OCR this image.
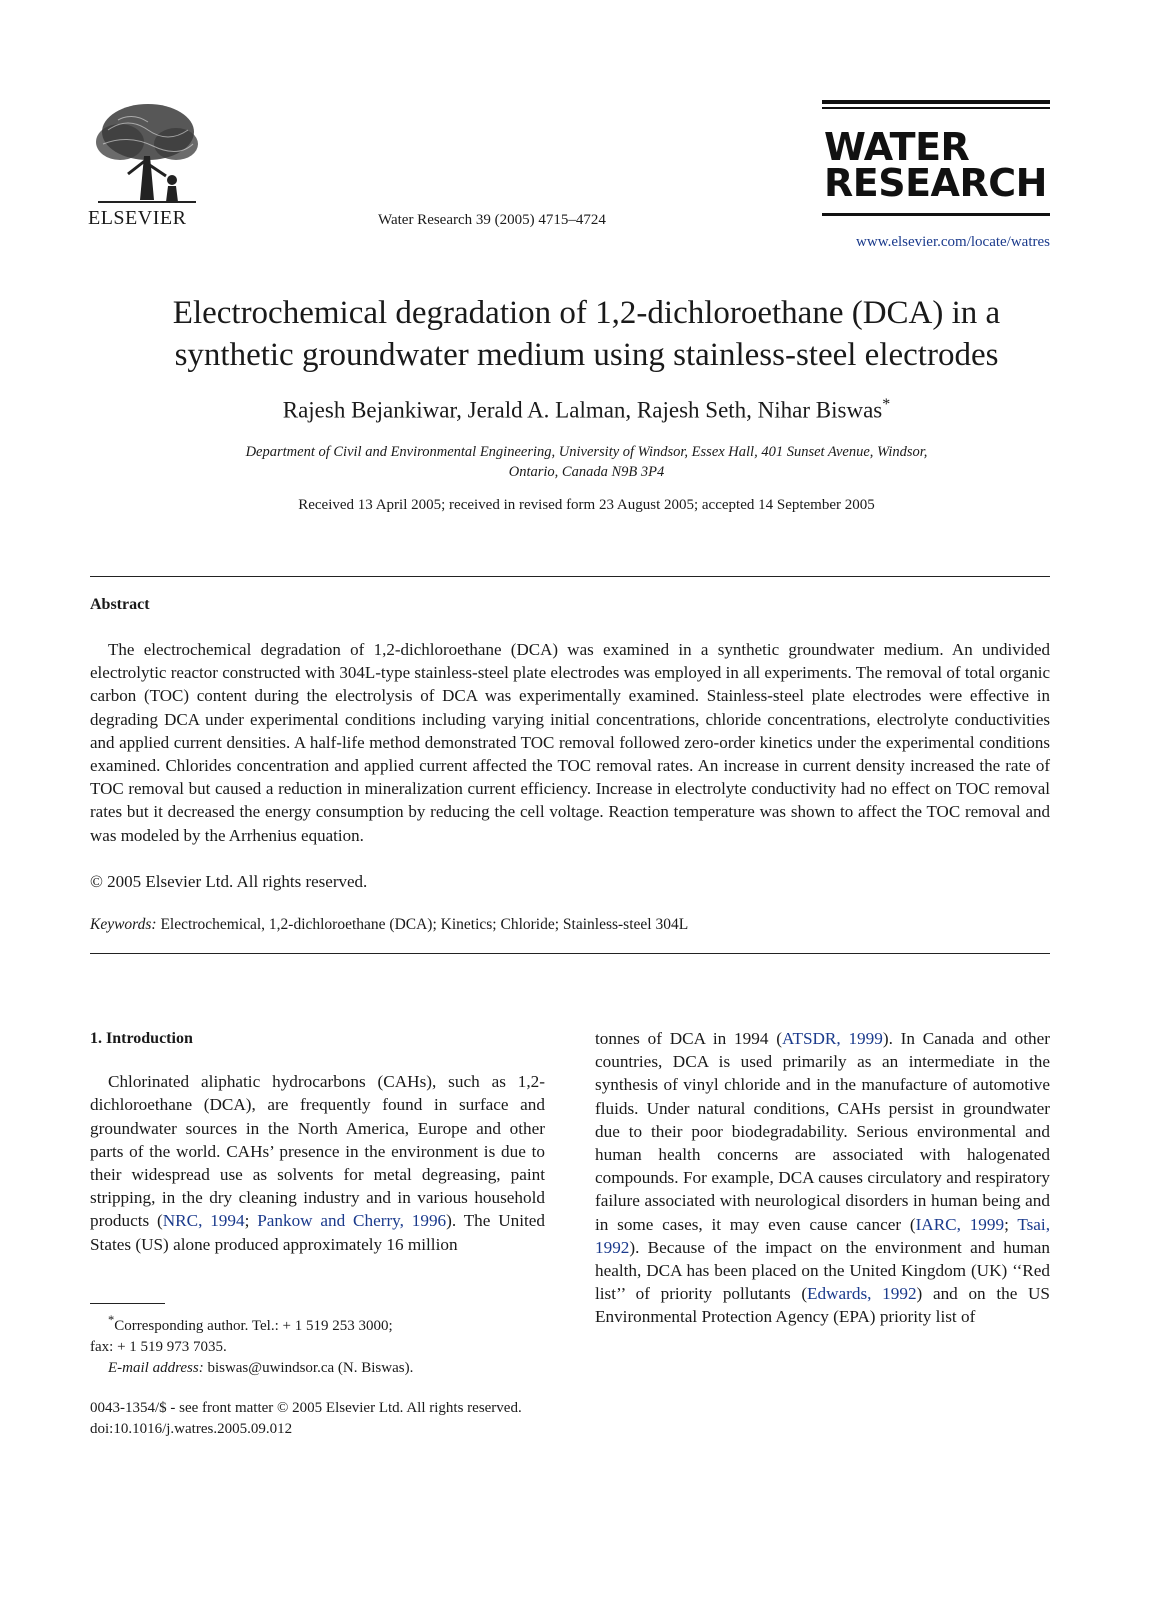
ELSEVIER	Water Research 39 (2005) 4715–4724
WATER
RESEARCH
www.elsevier.com/locate/watres
Electrochemical degradation of 1,2-dichloroethane (DCA) in a
synthetic groundwater medium using stainless-steel electrodes
Rajesh Bejankiwar, Jerald A. Lalman, Rajesh Seth, Nihar Biswas*
Department of Civil and Environmental Engineering, University of Windsor, Essex Hall, 401 Sunset Avenue, Windsor,
Ontario, Canada N9B 3P4
Received 13 April 2005; received in revised form 23 August 2005; accepted 14 September 2005
Abstract

The electrochemical degradation of 1,2-dichloroethane (DCA) was examined in a synthetic groundwater medium. An undivided electrolytic reactor constructed with 304L-type stainless-steel plate electrodes was employed in all experiments. The removal of total organic carbon (TOC) content during the electrolysis of DCA was experimentally examined. Stainless-steel plate electrodes were effective in degrading DCA under experimental conditions including varying initial concentrations, chloride concentrations, electrolyte conductivities and applied current densities. A half-life method demonstrated TOC removal followed zero-order kinetics under the experimental conditions examined. Chlorides concentration and applied current affected the TOC removal rates. An increase in current density increased the rate of TOC removal but caused a reduction in mineralization current efficiency. Increase in electrolyte conductivity had no effect on TOC removal rates but it decreased the energy consumption by reducing the cell voltage. Reaction temperature was shown to affect the TOC removal and was modeled by the Arrhenius equation.

© 2005 Elsevier Ltd. All rights reserved.
Keywords: Electrochemical, 1,2-dichloroethane (DCA); Kinetics; Chloride; Stainless-steel 304L
1. Introduction

Chlorinated aliphatic hydrocarbons (CAHs), such as 1,2-dichloroethane (DCA), are frequently found in surface and groundwater sources in the North America, Europe and other parts of the world. CAHs’ presence in the environment is due to their widespread use as solvents for metal degreasing, paint stripping, in the dry cleaning industry and in various household products (NRC, 1994; Pankow and Cherry, 1996). The United States (US) alone produced approximately 16 million

*Corresponding author. Tel.: + 1 519 253 3000;
fax: + 1 519 973 7035.
E-mail address: biswas@uwindsor.ca (N. Biswas).
0043-1354/$ - see front matter © 2005 Elsevier Ltd. All rights reserved.
doi:10.1016/j.watres.2005.09.012

tonnes of DCA in 1994 (ATSDR, 1999). In Canada and other countries, DCA is used primarily as an intermediate in the synthesis of vinyl chloride and in the manufacture of automotive fluids. Under natural conditions, CAHs persist in groundwater due to their poor biodegradability. Serious environmental and human health concerns are associated with halogenated compounds. For example, DCA causes circulatory and respiratory failure associated with neurological disorders in human being and in some cases, it may even cause cancer (IARC, 1999; Tsai, 1992). Because of the impact on the environment and human health, DCA has been placed on the United Kingdom (UK) ‘‘Red list’’ of priority pollutants (Edwards, 1992) and on the US Environmental Protection Agency (EPA) priority list of
